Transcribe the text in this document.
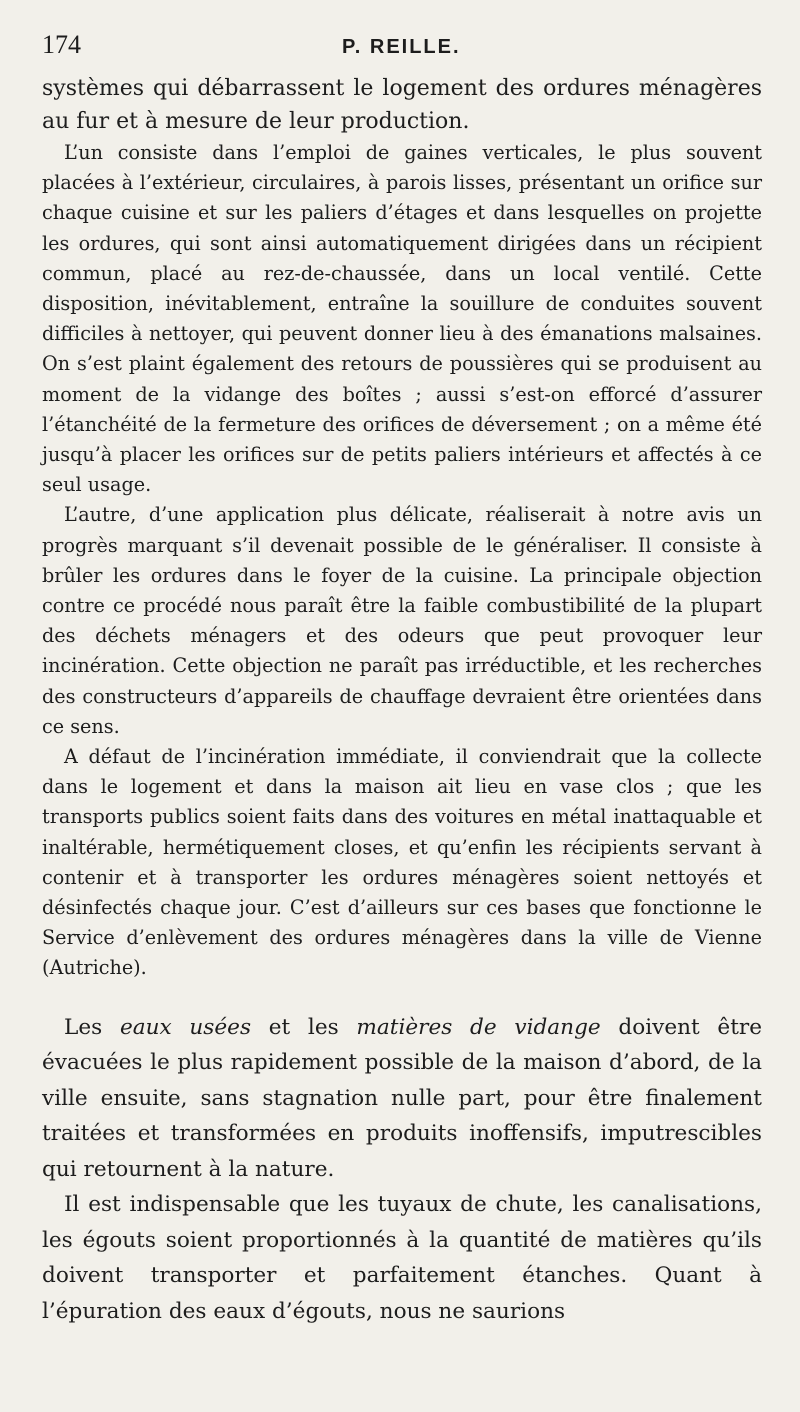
174	P. REILLE.

systèmes qui débarrassent le logement des ordures ménagères au fur et à mesure de leur production.

L’un consiste dans l’emploi de gaines verticales, le plus souvent placées à l’extérieur, circulaires, à parois lisses, présentant un orifice sur chaque cuisine et sur les paliers d’étages et dans lesquelles on projette les ordures, qui sont ainsi automatiquement dirigées dans un récipient commun, placé au rez-de-chaussée, dans un local ventilé. Cette disposition, inévitablement, entraîne la souillure de conduites souvent difficiles à nettoyer, qui peuvent donner lieu à des émanations malsaines. On s’est plaint également des retours de poussières qui se produisent au moment de la vidange des boîtes ; aussi s’est-on efforcé d’assurer l’étanchéité de la fermeture des orifices de déversement ; on a même été jusqu’à placer les orifices sur de petits paliers intérieurs et affectés à ce seul usage.

L’autre, d’une application plus délicate, réaliserait à notre avis un progrès marquant s’il devenait possible de le généraliser. Il consiste à brûler les ordures dans le foyer de la cuisine. La principale objection contre ce procédé nous paraît être la faible combustibilité de la plupart des déchets ménagers et des odeurs que peut provoquer leur incinération. Cette objection ne paraît pas irréductible, et les recherches des constructeurs d’appareils de chauffage devraient être orientées dans ce sens.

A défaut de l’incinération immédiate, il conviendrait que la collecte dans le logement et dans la maison ait lieu en vase clos ; que les transports publics soient faits dans des voitures en métal inattaquable et inaltérable, hermétiquement closes, et qu’enfin les récipients servant à contenir et à transporter les ordures ménagères soient nettoyés et désinfectés chaque jour. C’est d’ailleurs sur ces bases que fonctionne le Service d’enlèvement des ordures ménagères dans la ville de Vienne (Autriche).

Les eaux usées et les matières de vidange doivent être évacuées le plus rapidement possible de la maison d’abord, de la ville ensuite, sans stagnation nulle part, pour être finalement traitées et transformées en produits inoffensifs, imputrescibles qui retournent à la nature.

Il est indispensable que les tuyaux de chute, les canalisations, les égouts soient proportionnés à la quantité de matières qu’ils doivent transporter et parfaitement étanches. Quant à l’épuration des eaux d’égouts, nous ne saurions
